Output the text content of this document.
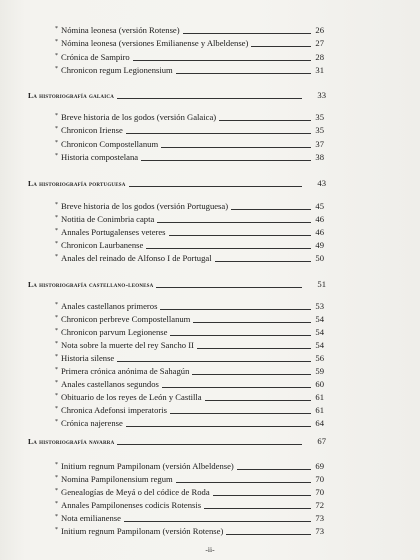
* Nómina leonesa (versión Rotense)	26
* Nómina leonesa (versiones Emilianense y Albeldense)	27
* Crónica de Sampiro	28
* Chronicon regum Legionensium	31
La historiografía galaica	33
* Breve historia de los godos (versión Galaica)	35
* Chronicon Iriense	35
* Chronicon Compostellanum	37
* Historia compostelana	38
La historiografía portuguesa	43
* Breve historia de los godos (versión Portuguesa)	45
* Notitia de Conimbria capta	46
* Annales Portugalenses veteres	46
* Chronicon Laurbanense	49
* Anales del reinado de Alfonso I de Portugal	50
La historiografía castellano-leonesa	51
* Anales castellanos primeros	53
* Chronicon perbreve Compostellanum	54
* Chronicon parvum Legionense	54
* Nota sobre la muerte del rey Sancho II	54
* Historia silense	56
* Primera crónica anónima de Sahagún	59
* Anales castellanos segundos	60
* Obituario de los reyes de León y Castilla	61
* Chronica Adefonsi imperatoris	61
* Crónica najerense	64
La historiografía navarra	67
* Initium regnum Pampilonam (versión Albeldense)	69
* Nomina Pampilonensium regum	70
* Genealogías de Meyá o del códice de Roda	70
* Annales Pampilonenses codicis Rotensis	72
* Nota emilianense	73
* Initium regnum Pampilonam (versión Rotense)	73
-ii-
